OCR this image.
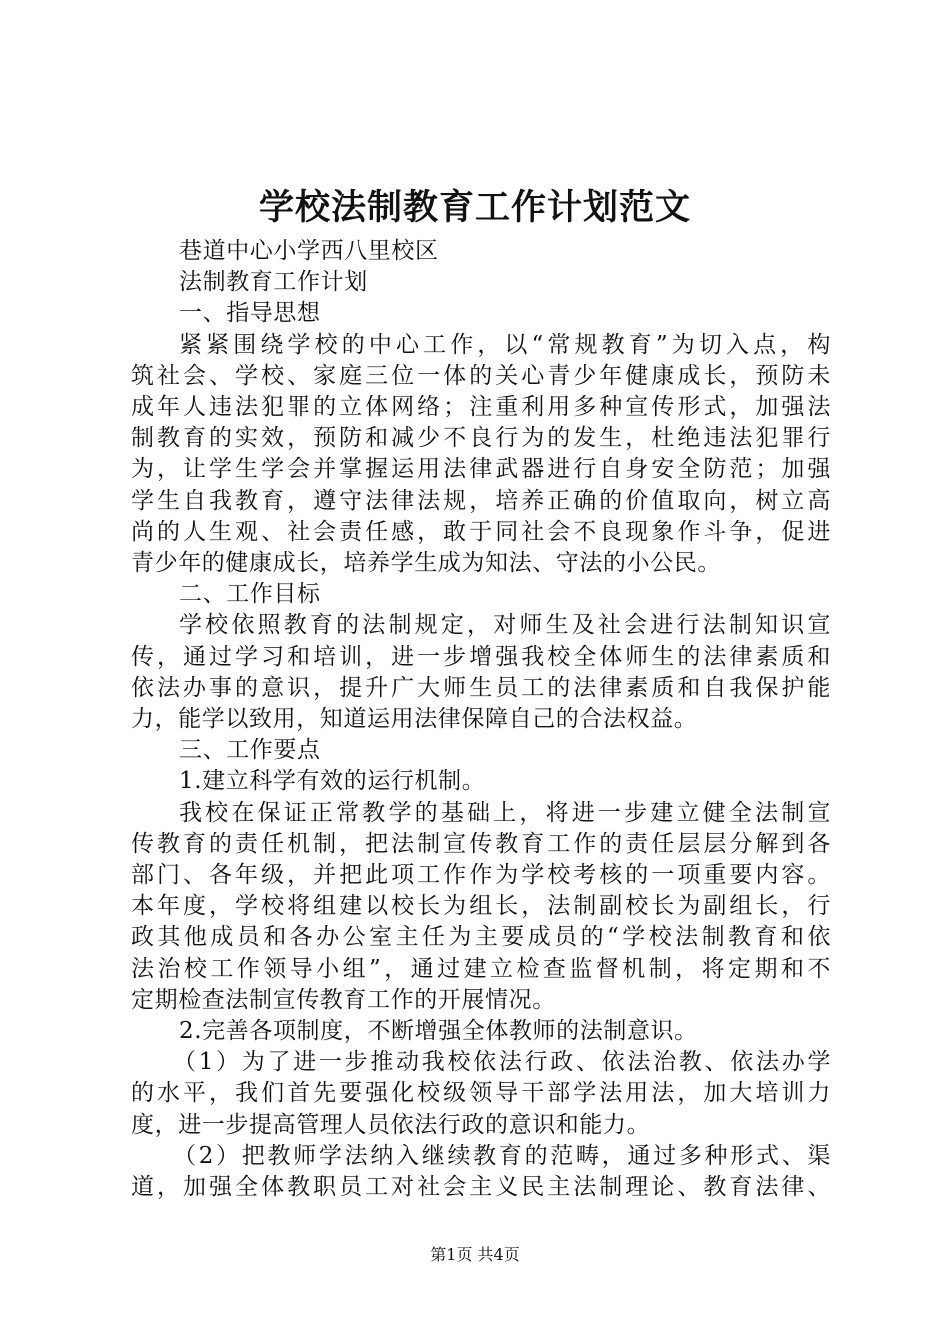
学校法制教育工作计划范文
巷道中心小学西八里校区
法制教育工作计划
一、指导思想
紧紧围绕学校的中心工作，以“常规教育”为切入点，构
筑社会、学校、家庭三位一体的关心青少年健康成长，预防未
成年人违法犯罪的立体网络；注重利用多种宣传形式，加强法
制教育的实效，预防和减少不良行为的发生，杜绝违法犯罪行
为，让学生学会并掌握运用法律武器进行自身安全防范；加强
学生自我教育，遵守法律法规，培养正确的价值取向，树立高
尚的人生观、社会责任感，敢于同社会不良现象作斗争，促进
青少年的健康成长，培养学生成为知法、守法的小公民。
二、工作目标
学校依照教育的法制规定，对师生及社会进行法制知识宣
传，通过学习和培训，进一步增强我校全体师生的法律素质和
依法办事的意识，提升广大师生员工的法律素质和自我保护能
力，能学以致用，知道运用法律保障自己的合法权益。
三、工作要点
1.建立科学有效的运行机制。
我校在保证正常教学的基础上，将进一步建立健全法制宣
传教育的责任机制，把法制宣传教育工作的责任层层分解到各
部门、各年级，并把此项工作作为学校考核的一项重要内容。
本年度，学校将组建以校长为组长，法制副校长为副组长，行
政其他成员和各办公室主任为主要成员的“学校法制教育和依
法治校工作领导小组”，通过建立检查监督机制，将定期和不
定期检查法制宣传教育工作的开展情况。
2.完善各项制度，不断增强全体教师的法制意识。
（1）为了进一步推动我校依法行政、依法治教、依法办学
的水平，我们首先要强化校级领导干部学法用法，加大培训力
度，进一步提高管理人员依法行政的意识和能力。
（2）把教师学法纳入继续教育的范畴，通过多种形式、渠
道，加强全体教职员工对社会主义民主法制理论、教育法律、
第1页 共4页
